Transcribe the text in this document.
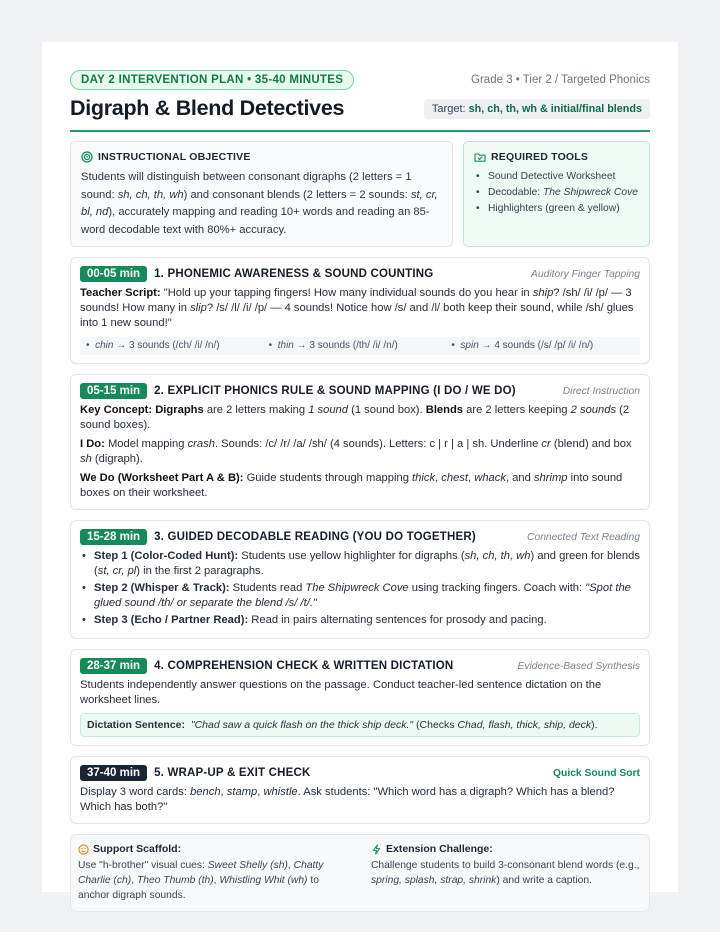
DAY 2 INTERVENTION PLAN • 35-40 MINUTES	Grade 3 • Tier 2 / Targeted Phonics
Digraph & Blend Detectives	Target: sh, ch, th, wh & initial/final blends
INSTRUCTIONAL OBJECTIVE
Students will distinguish between consonant digraphs (2 letters = 1 sound: sh, ch, th, wh) and consonant blends (2 letters = 2 sounds: st, cr, bl, nd), accurately mapping and reading 10+ words and reading an 85-word decodable text with 80%+ accuracy.
REQUIRED TOOLS
• Sound Detective Worksheet
• Decodable: The Shipwreck Cove
• Highlighters (green & yellow)
00-05 min	1. PHONEMIC AWARENESS & SOUND COUNTING	Auditory Finger Tapping
Teacher Script: "Hold up your tapping fingers! How many individual sounds do you hear in ship? /sh/ /i/ /p/ — 3 sounds! How many in slip? /s/ /l/ /i/ /p/ — 4 sounds! Notice how /s/ and /l/ both keep their sound, while /sh/ glues into 1 new sound!"
•  chin → 3 sounds (/ch/ /i/ /n/)	•  thin → 3 sounds (/th/ /i/ /n/)	•  spin → 4 sounds (/s/ /p/ /i/ /n/)
05-15 min	2. EXPLICIT PHONICS RULE & SOUND MAPPING (I DO / WE DO)	Direct Instruction
Key Concept: Digraphs are 2 letters making 1 sound (1 sound box). Blends are 2 letters keeping 2 sounds (2 sound boxes).
I Do: Model mapping crash. Sounds: /c/ /r/ /a/ /sh/ (4 sounds). Letters: c | r | a | sh. Underline cr (blend) and box sh (digraph).
We Do (Worksheet Part A & B): Guide students through mapping thick, chest, whack, and shrimp into sound boxes on their worksheet.
15-28 min	3. GUIDED DECODABLE READING (YOU DO TOGETHER)	Connected Text Reading
• Step 1 (Color-Coded Hunt): Students use yellow highlighter for digraphs (sh, ch, th, wh) and green for blends (st, cr, pl) in the first 2 paragraphs.
• Step 2 (Whisper & Track): Students read The Shipwreck Cove using tracking fingers. Coach with: "Spot the glued sound /th/ or separate the blend /s/ /t/."
• Step 3 (Echo / Partner Read): Read in pairs alternating sentences for prosody and pacing.
28-37 min	4. COMPREHENSION CHECK & WRITTEN DICTATION	Evidence-Based Synthesis
Students independently answer questions on the passage. Conduct teacher-led sentence dictation on the worksheet lines.
Dictation Sentence: "Chad saw a quick flash on the thick ship deck." (Checks Chad, flash, thick, ship, deck).
37-40 min	5. WRAP-UP & EXIT CHECK	Quick Sound Sort
Display 3 word cards: bench, stamp, whistle. Ask students: "Which word has a digraph? Which has a blend? Which has both?"
Support Scaffold:
Use "h-brother" visual cues: Sweet Shelly (sh), Chatty Charlie (ch), Theo Thumb (th), Whistling Whit (wh) to anchor digraph sounds.
Extension Challenge:
Challenge students to build 3-consonant blend words (e.g., spring, splash, strap, shrink) and write a caption.
